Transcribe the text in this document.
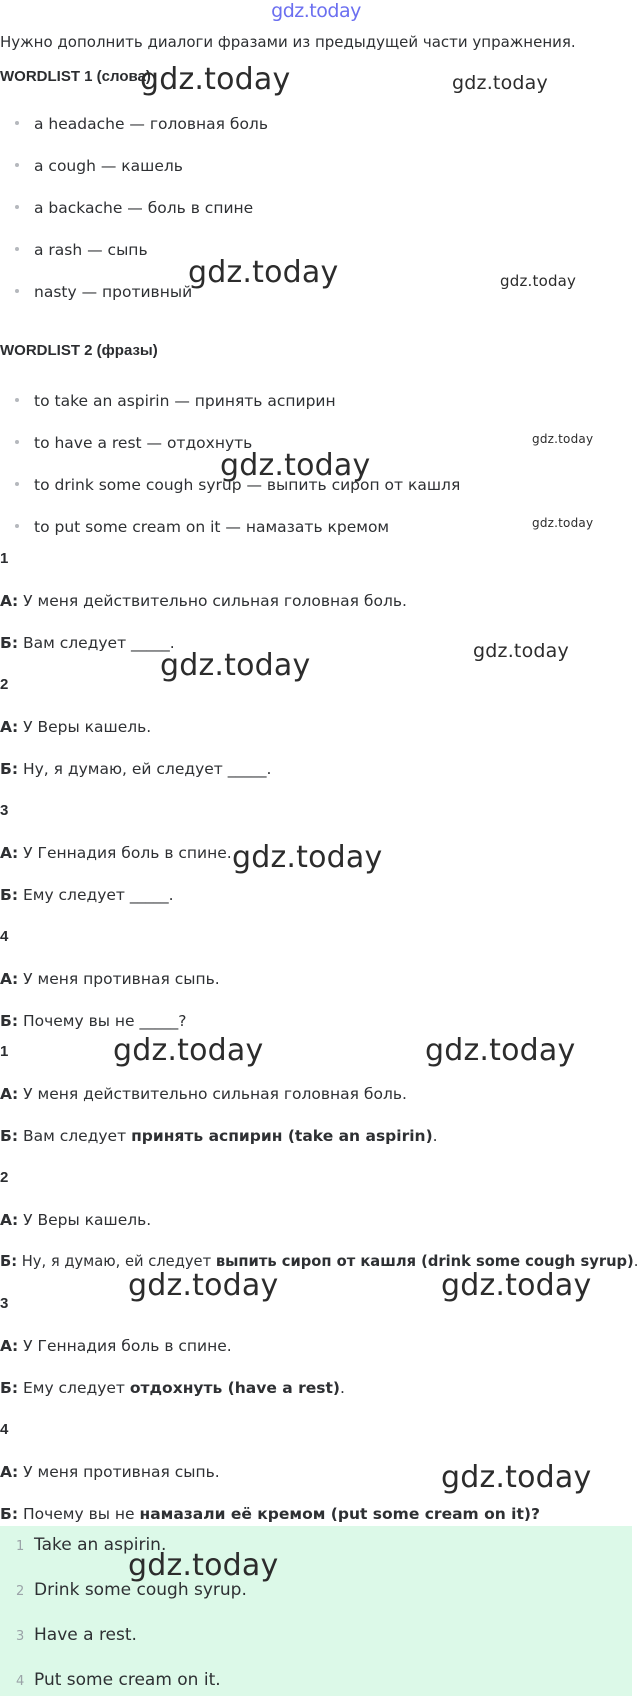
gdz.today
Нужно дополнить диалоги фразами из предыдущей части упражнения.
WORDLIST 1 (слова)
a headache — головная боль
a cough — кашель
a backache — боль в спине
a rash — сыпь
nasty — противный
WORDLIST 2 (фразы)
to take an aspirin — принять аспирин
to have a rest — отдохнуть
to drink some cough syrup — выпить сироп от кашля
to put some cream on it — намазать кремом
1
А: У меня действительно сильная головная боль.
Б: Вам следует _____.
2
А: У Веры кашель.
Б: Ну, я думаю, ей следует _____.
3
А: У Геннадия боль в спине.
Б: Ему следует _____.
4
А: У меня противная сыпь.
Б: Почему вы не _____?
1
А: У меня действительно сильная головная боль.
Б: Вам следует принять аспирин (take an aspirin).
2
А: У Веры кашель.
Б: Ну, я думаю, ей следует выпить сироп от кашля (drink some cough syrup).
3
А: У Геннадия боль в спине.
Б: Ему следует отдохнуть (have a rest).
4
А: У меня противная сыпь.
Б: Почему вы не намазали её кремом (put some cream on it)?
1 Take an aspirin.
2 Drink some cough syrup.
3 Have a rest.
4 Put some cream on it.
gdz.today	gdz.today
gdz.today	gdz.today
gdz.today
gdz.today
gdz.today
gdz.today	gdz.today
gdz.today
gdz.today	gdz.today
gdz.today	gdz.today
gdz.today
gdz.today
